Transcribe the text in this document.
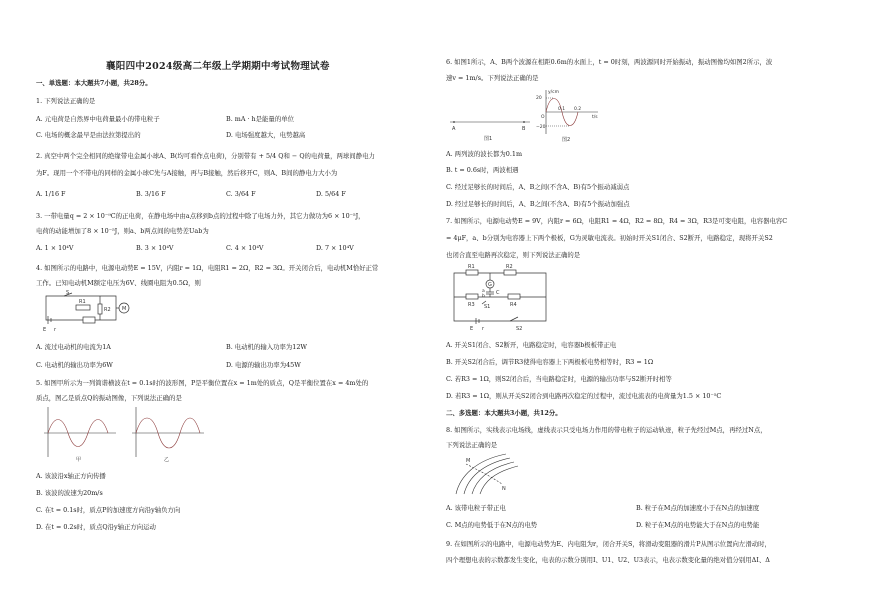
襄阳四中2024级高二年级上学期期中考试物理试卷
一、单选题：本大题共7小题，共28分。
1. 下列说法正确的是
A. 元电荷是自然界中电荷量最小的带电粒子	B. mA · h是能量的单位
C. 电场的概念最早是由法拉第提出的	D. 电场强度越大，电势越高
2. 真空中两个完全相同的绝缘带电金属小球A、B(均可看作点电荷)，分别带有 + 5/4 Q和 − Q的电荷量，两球间静电力
为F。现用一个不带电的同样的金属小球C先与A接触，再与B接触，然后移开C，则A、B间的静电力大小为
A. 1/16 F	B. 3/16 F	C. 3/64 F	D. 5/64 F
3. 一带电量q = 2 × 10⁻⁹C的正电荷，在静电场中由a点移到b点的过程中除了电场力外，其它力做功为6 × 10⁻⁵J，
电荷的动能增加了8 × 10⁻⁵J，则a、b两点间的电势差Uab为
A. 1 × 10⁴V	B. 3 × 10⁴V	C. 4 × 10⁴V	D. 7 × 10⁴V
4. 如图所示的电路中，电源电动势E = 15V，内阻r = 1Ω，电阻R1 = 2Ω，R2 = 3Ω。开关闭合后，电动机M恰好正常
工作。已知电动机M额定电压为6V、线圈电阻为0.5Ω，则
S
R1
R2 M
E r
A. 流过电动机的电流为1A	B. 电动机的输入功率为12W
C. 电动机的输出功率为6W	D. 电源的输出功率为45W
5. 如图甲所示为一列简谐横波在t = 0.1s时的波形图，P是平衡位置在x = 1m处的质点，Q是平衡位置在x = 4m处的
质点，图乙是质点Q的振动图像，下列说法正确的是
甲	乙
A. 该波沿x轴正方向传播
B. 该波的波速为20m/s
C. 在t = 0.1s时，质点P的加速度方向沿y轴负方向
D. 在t = 0.2s时，质点Q沿y轴正方向运动
6. 如图1所示，A、B两个波源在相距0.6m的水面上，t = 0时刻，两波源同时开始振动，振动图像均如图2所示，波
速v = 1m/s。下列说法正确的是
A	B
图1
y/cm
t/s
20
−20
O
0.1 0.2
图2
A. 两列波的波长都为0.1m
B. t = 0.6s时，两波相遇
C. 经过足够长的时间后，A、B之间(不含A、B)有5个振动减弱点
D. 经过足够长的时间后，A、B之间(不含A、B)有5个振动加强点
7. 如图所示，电源电动势E = 9V，内阻r = 6Ω，电阻R1 = 4Ω，R2 = 8Ω，R4 = 3Ω，R3是可变电阻，电容器电容C
= 4μF，a、b分别为电容器上下两个极板，G为灵敏电流表。初始时开关S1闭合、S2断开，电路稳定，现将开关S2
也闭合直至电路再次稳定，则下列说法正确的是
G
R1	R2
R3	R4
C
a
b
S1
S2
E r
A. 开关S1闭合、S2断开，电路稳定时，电容器b极板带正电
B. 开关S2闭合后，调节R3使得电容器上下两极板电势相等时，R3 = 1Ω
C. 若R3 = 1Ω，则S2闭合后，当电路稳定时，电源的输出功率与S2断开时相等
D. 若R3 = 1Ω，则从开关S2闭合到电路再次稳定的过程中，流过电流表的电荷量为1.5 × 10⁻⁵C
二、多选题：本大题共3小题，共12分。
8. 如图所示，实线表示电场线，虚线表示只受电场力作用的带电粒子的运动轨迹，粒子先经过M点，再经过N点，
下列说法正确的是
M
N
A. 该带电粒子带正电	B. 粒子在M点的加速度小于在N点的加速度
C. M点的电势低于在N点的电势	D. 粒子在M点的电势能大于在N点的电势能
9. 在如图所示的电路中，电源电动势为E、内电阻为r，闭合开关S，将滑动变阻器的滑片P从图示位置向左滑动时，
四个理想电表的示数都发生变化，电表的示数分别用I、U1、U2、U3表示，电表示数变化量的绝对值分别用ΔI、Δ
